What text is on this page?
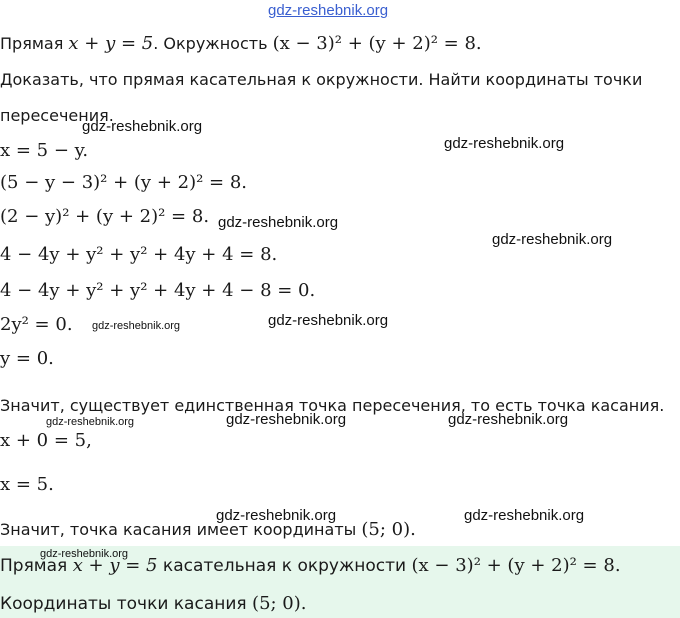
gdz-reshebnik.org
Прямая x + y = 5. Окружность (x − 3)² + (y + 2)² = 8.
Доказать, что прямая касательная к окружности. Найти координаты точки
пересечения.
x = 5 − y.
(5 − y − 3)² + (y + 2)² = 8.
(2 − y)² + (y + 2)² = 8.
4 − 4y + y² + y² + 4y + 4 = 8.
4 − 4y + y² + y² + 4y + 4 − 8 = 0.
2y² = 0.
y = 0.
Значит, существует единственная точка пересечения, то есть точка касания.
x + 0 = 5,
x = 5.
Значит, точка касания имеет координаты (5; 0).
Прямая x + y = 5 касательная к окружности (x − 3)² + (y + 2)² = 8.
Координаты точки касания (5; 0).
gdz-reshebnik.org
gdz-reshebnik.org
gdz-reshebnik.org
gdz-reshebnik.org
gdz-reshebnik.org	gdz-reshebnik.org
gdz-reshebnik.org	gdz-reshebnik.org	gdz-reshebnik.org
gdz-reshebnik.org	gdz-reshebnik.org
gdz-reshebnik.org
